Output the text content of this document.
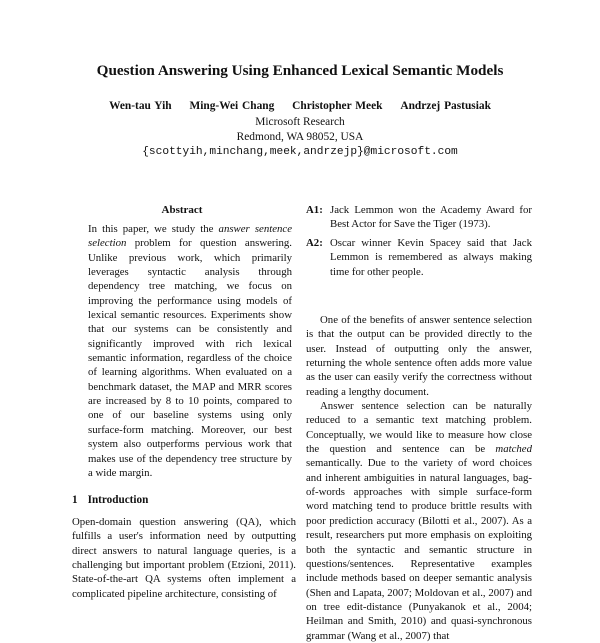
Question Answering Using Enhanced Lexical Semantic Models
Wen-tau Yih Ming-Wei Chang Christopher Meek Andrzej Pastusiak
Microsoft Research
Redmond, WA 98052, USA
{scottyih,minchang,meek,andrzejp}@microsoft.com
Abstract
In this paper, we study the answer sentence selection problem for question answering. Unlike previous work, which primarily leverages syntactic analysis through dependency tree matching, we focus on improving the performance using models of lexical semantic resources. Experiments show that our systems can be consistently and significantly improved with rich lexical semantic information, regardless of the choice of learning algorithms. When evaluated on a benchmark dataset, the MAP and MRR scores are increased by 8 to 10 points, compared to one of our baseline systems using only surface-form matching. Moreover, our best system also outperforms pervious work that makes use of the dependency tree structure by a wide margin.
1 Introduction
Open-domain question answering (QA), which fulfills a user's information need by outputting direct answers to natural language queries, is a challenging but important problem (Etzioni, 2011). State-of-the-art QA systems often implement a complicated pipeline architecture, consisting of
A1: Jack Lemmon won the Academy Award for Best Actor for Save the Tiger (1973).
A2: Oscar winner Kevin Spacey said that Jack Lemmon is remembered as always making time for other people.

One of the benefits of answer sentence selection is that the output can be provided directly to the user. Instead of outputting only the answer, returning the whole sentence often adds more value as the user can easily verify the correctness without reading a lengthy document.

Answer sentence selection can be naturally reduced to a semantic text matching problem. Conceptually, we would like to measure how close the question and sentence can be matched semantically. Due to the variety of word choices and inherent ambiguities in natural languages, bag-of-words approaches with simple surface-form word matching tend to produce brittle results with poor prediction accuracy (Bilotti et al., 2007). As a result, researchers put more emphasis on exploiting both the syntactic and semantic structure in questions/sentences. Representative examples include methods based on deeper semantic analysis (Shen and Lapata, 2007; Moldovan et al., 2007) and on tree edit-distance (Punyakanok et al., 2004; Heilman and Smith, 2010) and quasi-synchronous grammar (Wang et al., 2007) that
